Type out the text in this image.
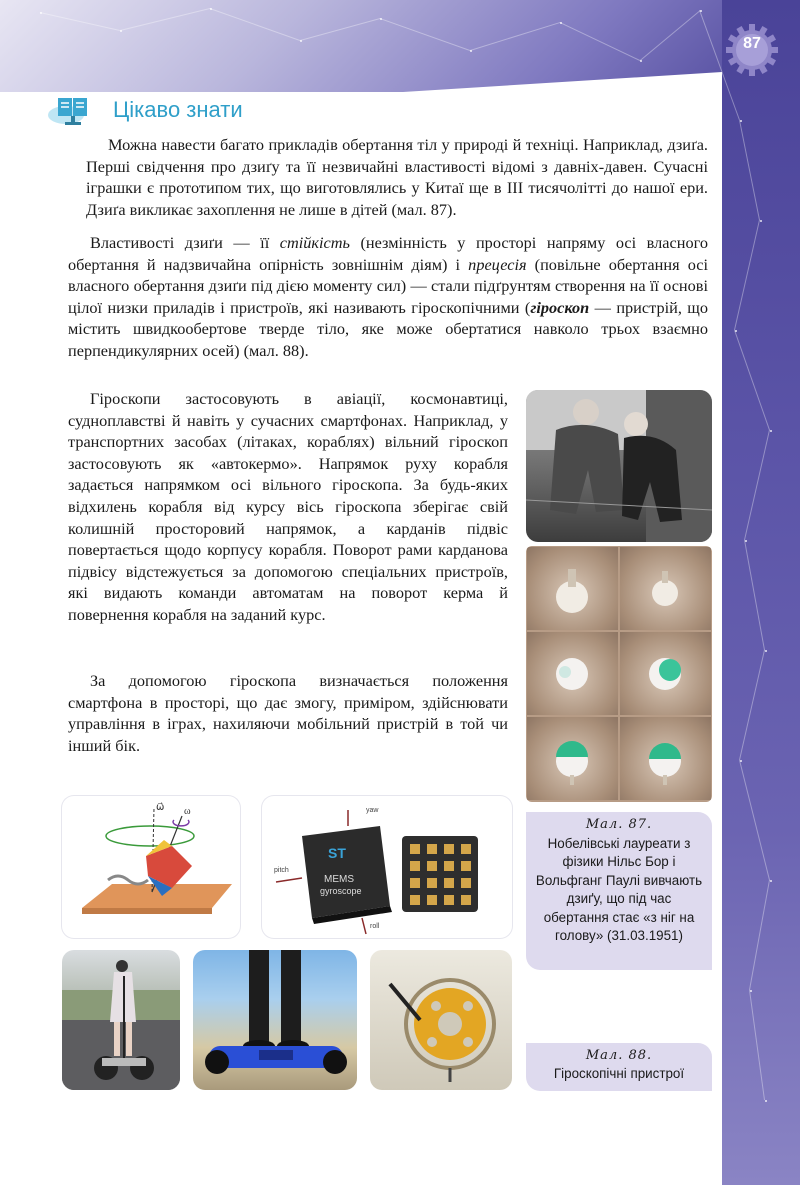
87
Цікаво знати

Можна навести багато прикладів обертання тіл у природі й техніці. Наприклад, дзиґа. Перші свідчення про дзиґу та її незвичайні властивості відомі з давніх-давен. Сучасні іграшки є прототипом тих, що виготовлялись у Китаї ще в III тисячолітті до нашої ери. Дзиґа викликає захоплення не лише в дітей (мал. 87).

Властивості дзиґи — її стійкість (незмінність у просторі напряму осі власного обертання й надзвичайна опірність зовнішнім діям) і прецесія (повільне обертання осі власного обертання дзиґи під дією моменту сил) — стали підґрунтям створення на її основі цілої низки приладів і пристроїв, які називають гіроскопічними (гіроскоп — пристрій, що містить швидкообертове тверде тіло, яке може обертатися навколо трьох взаємно перпендикулярних осей) (мал. 88).

Гіроскопи застосовують в авіації, космонавтиці, судноплавстві й навіть у сучасних смартфонах. Наприклад, у транспортних засобах (літаках, кораблях) вільний гіроскоп застосовують як «автокермо». Напрямок руху корабля задається напрямком осі вільного гіроскопа. За будь-яких відхилень корабля від курсу вісь гіроскопа зберігає свій колишній просторовий напрямок, а карданів підвіс повертається щодо корпусу корабля. Поворот рами карданова підвісу відстежується за допомогою спеціальних пристроїв, які видають команди автоматам на поворот керма й повернення корабля на заданий курс.

За допомогою гіроскопа визначається положення смартфона в просторі, що дає змогу, приміром, здійснювати управління в іграх, нахиляючи мобільний пристрій в той чи інший бік.

Мал. 87.
Нобелівські лауреати з фізики Нільс Бор і Вольфганг Паулі вивчають дзиґу, що під час обертання стає «з ніг на голову» (31.03.1951)
ω⃗ ω
ST
MEMS
gyroscope
yaw
pitch
roll
Мал. 88.
Гіроскопічні пристрої
